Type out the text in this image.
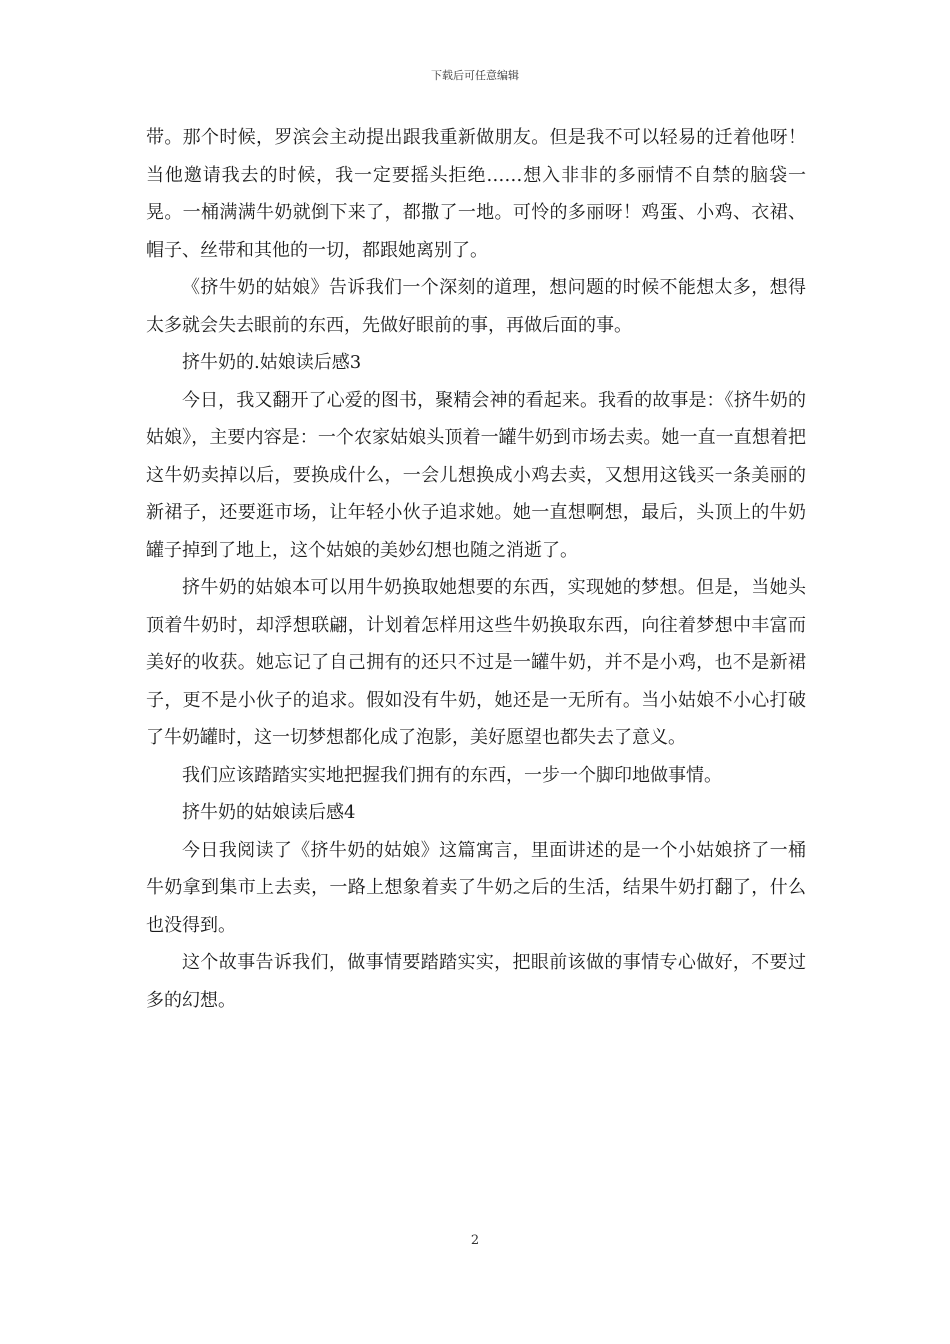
下载后可任意编辑

带。那个时候，罗滨会主动提出跟我重新做朋友。但是我不可以轻易的迁着他呀！当他邀请我去的时候，我一定要摇头拒绝……想入非非的多丽情不自禁的脑袋一晃。一桶满满牛奶就倒下来了，都撒了一地。可怜的多丽呀！鸡蛋、小鸡、衣裙、帽子、丝带和其他的一切，都跟她离别了。

《挤牛奶的姑娘》告诉我们一个深刻的道理，想问题的时候不能想太多，想得太多就会失去眼前的东西，先做好眼前的事，再做后面的事。

挤牛奶的.姑娘读后感3

今日，我又翻开了心爱的图书，聚精会神的看起来。我看的故事是：《挤牛奶的姑娘》，主要内容是：一个农家姑娘头顶着一罐牛奶到市场去卖。她一直一直想着把这牛奶卖掉以后，要换成什么，一会儿想换成小鸡去卖，又想用这钱买一条美丽的新裙子，还要逛市场，让年轻小伙子追求她。她一直想啊想，最后，头顶上的牛奶罐子掉到了地上，这个姑娘的美妙幻想也随之消逝了。

挤牛奶的姑娘本可以用牛奶换取她想要的东西，实现她的梦想。但是，当她头顶着牛奶时，却浮想联翩，计划着怎样用这些牛奶换取东西，向往着梦想中丰富而美好的收获。她忘记了自己拥有的还只不过是一罐牛奶，并不是小鸡，也不是新裙子，更不是小伙子的追求。假如没有牛奶，她还是一无所有。当小姑娘不小心打破了牛奶罐时，这一切梦想都化成了泡影，美好愿望也都失去了意义。

我们应该踏踏实实地把握我们拥有的东西，一步一个脚印地做事情。

挤牛奶的姑娘读后感4

今日我阅读了《挤牛奶的姑娘》这篇寓言，里面讲述的是一个小姑娘挤了一桶牛奶拿到集市上去卖，一路上想象着卖了牛奶之后的生活，结果牛奶打翻了，什么也没得到。

这个故事告诉我们，做事情要踏踏实实，把眼前该做的事情专心做好，不要过多的幻想。

2
